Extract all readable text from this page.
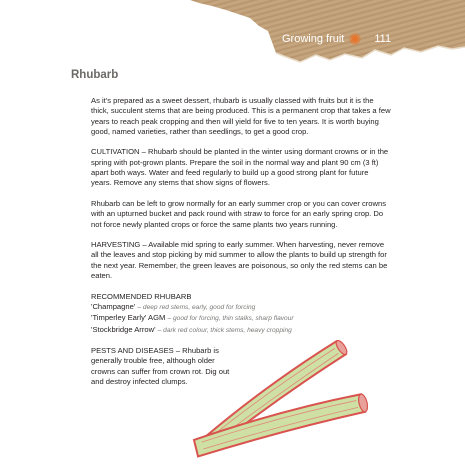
Growing fruit	111
Rhubarb

As it's prepared as a sweet dessert, rhubarb is usually classed with fruits but it is the thick, succulent stems that are being produced. This is a permanent crop that takes a few years to reach peak cropping and then will yield for five to ten years. It is worth buying good, named varieties, rather than seedlings, to get a good crop.

CULTIVATION – Rhubarb should be planted in the winter using dormant crowns or in the spring with pot-grown plants. Prepare the soil in the normal way and plant 90 cm (3 ft) apart both ways. Water and feed regularly to build up a good strong plant for future years. Remove any stems that show signs of flowers.

Rhubarb can be left to grow normally for an early summer crop or you can cover crowns with an upturned bucket and pack round with straw to force for an early spring crop. Do not force newly planted crops or force the same plants two years running.

HARVESTING – Available mid spring to early summer. When harvesting, never remove all the leaves and stop picking by mid summer to allow the plants to build up strength for the next year. Remember, the green leaves are poisonous, so only the red stems can be eaten.

RECOMMENDED RHUBARB
'Champagne' – deep red stems, early, good for forcing
'Timperley Early' AGM – good for forcing, thin stalks, sharp flavour
'Stockbridge Arrow' – dark red colour, thick stems, heavy cropping

PESTS AND DISEASES – Rhubarb is generally trouble free, although older crowns can suffer from crown rot. Dig out and destroy infected clumps.
